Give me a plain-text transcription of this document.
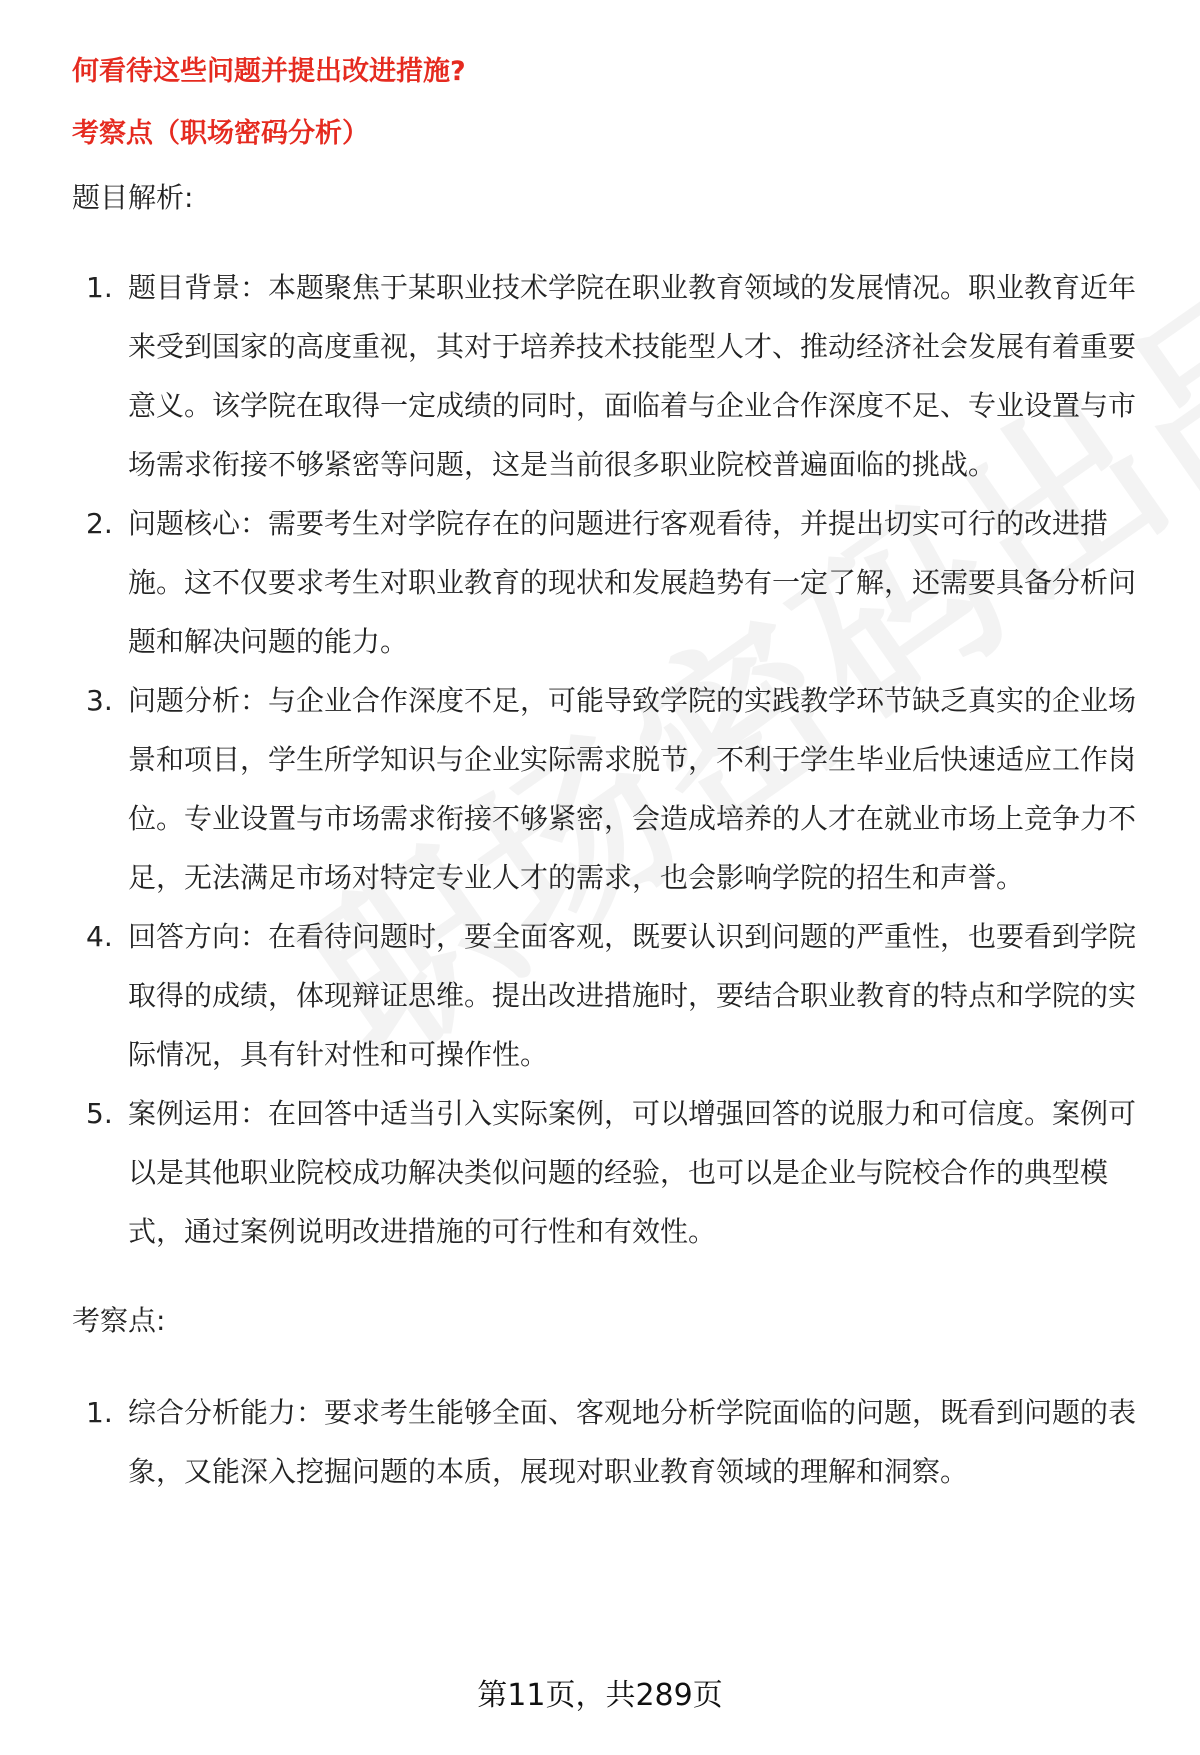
何看待这些问题并提出改进措施?

考察点（职场密码分析）

题目解析:

1. 题目背景：本题聚焦于某职业技术学院在职业教育领域的发展情况。职业教育近年来受到国家的高度重视，其对于培养技术技能型人才、推动经济社会发展有着重要意义。该学院在取得一定成绩的同时，面临着与企业合作深度不足、专业设置与市场需求衔接不够紧密等问题，这是当前很多职业院校普遍面临的挑战。
2. 问题核心：需要考生对学院存在的问题进行客观看待，并提出切实可行的改进措施。这不仅要求考生对职业教育的现状和发展趋势有一定了解，还需要具备分析问题和解决问题的能力。
3. 问题分析：与企业合作深度不足，可能导致学院的实践教学环节缺乏真实的企业场景和项目，学生所学知识与企业实际需求脱节，不利于学生毕业后快速适应工作岗位。专业设置与市场需求衔接不够紧密，会造成培养的人才在就业市场上竞争力不足，无法满足市场对特定专业人才的需求，也会影响学院的招生和声誉。
4. 回答方向：在看待问题时，要全面客观，既要认识到问题的严重性，也要看到学院取得的成绩，体现辩证思维。提出改进措施时，要结合职业教育的特点和学院的实际情况，具有针对性和可操作性。
5. 案例运用：在回答中适当引入实际案例，可以增强回答的说服力和可信度。案例可以是其他职业院校成功解决类似问题的经验，也可以是企业与院校合作的典型模式，通过案例说明改进措施的可行性和有效性。

考察点:

1. 综合分析能力：要求考生能够全面、客观地分析学院面临的问题，既看到问题的表象，又能深入挖掘问题的本质，展现对职业教育领域的理解和洞察。
第11页，共289页
